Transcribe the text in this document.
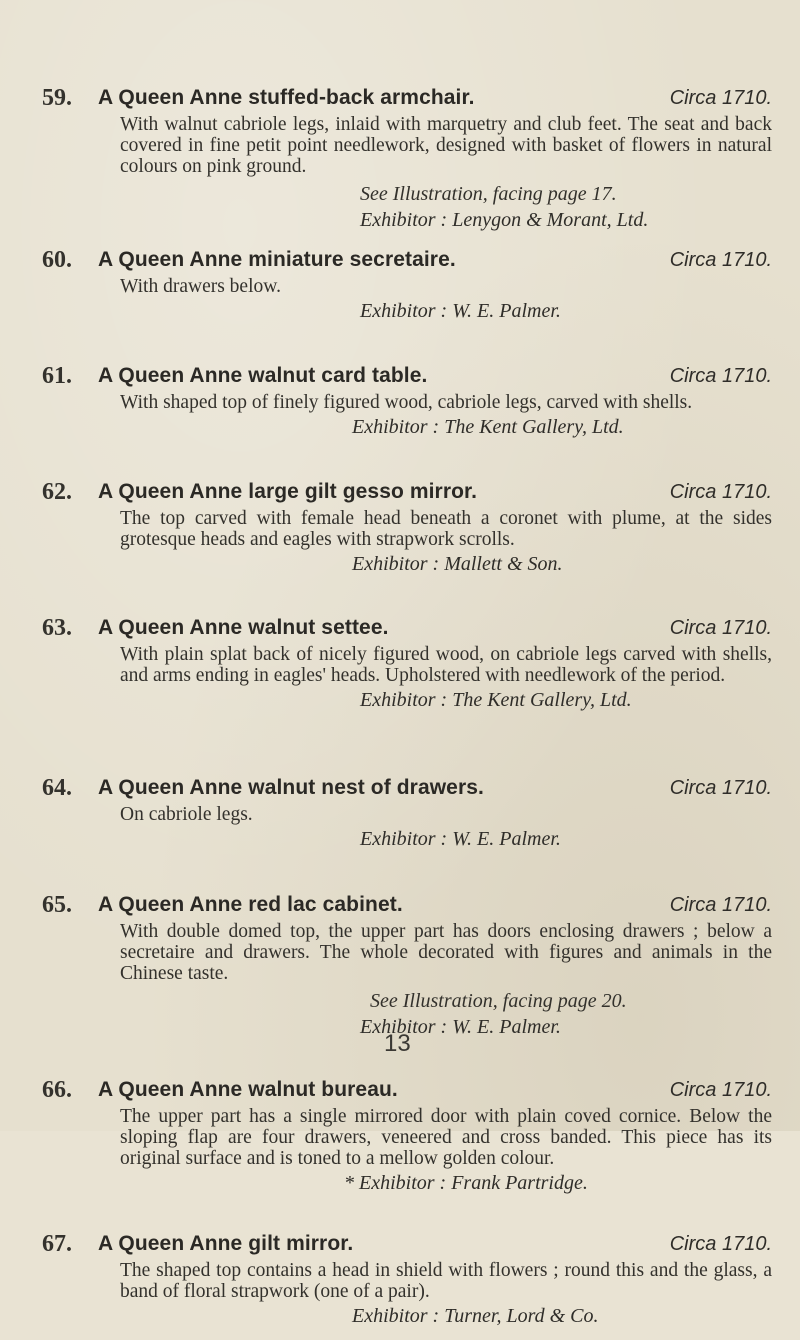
59. A Queen Anne stuffed-back armchair.	Circa 1710.
With walnut cabriole legs, inlaid with marquetry and club feet. The seat and back covered in fine petit point needlework, designed with basket of flowers in natural colours on pink ground.
See Illustration, facing page 17.
Exhibitor : Lenygon & Morant, Ltd.
60. A Queen Anne miniature secretaire.	Circa 1710.
With drawers below.
Exhibitor : W. E. Palmer.
61. A Queen Anne walnut card table.	Circa 1710.
With shaped top of finely figured wood, cabriole legs, carved with shells.
Exhibitor : The Kent Gallery, Ltd.
62. A Queen Anne large gilt gesso mirror.	Circa 1710.
The top carved with female head beneath a coronet with plume, at the sides grotesque heads and eagles with strapwork scrolls.
Exhibitor : Mallett & Son.
63. A Queen Anne walnut settee.	Circa 1710.
With plain splat back of nicely figured wood, on cabriole legs carved with shells, and arms ending in eagles' heads. Upholstered with needlework of the period.
Exhibitor : The Kent Gallery, Ltd.
64. A Queen Anne walnut nest of drawers.	Circa 1710.
On cabriole legs.
Exhibitor : W. E. Palmer.
65. A Queen Anne red lac cabinet.	Circa 1710.
With double domed top, the upper part has doors enclosing drawers ; below a secretaire and drawers. The whole decorated with figures and animals in the Chinese taste.
See Illustration, facing page 20.
Exhibitor : W. E. Palmer.
66. A Queen Anne walnut bureau.	Circa 1710.
The upper part has a single mirrored door with plain coved cornice. Below the sloping flap are four drawers, veneered and cross banded. This piece has its original surface and is toned to a mellow golden colour.
* Exhibitor : Frank Partridge.
67. A Queen Anne gilt mirror.	Circa 1710.
The shaped top contains a head in shield with flowers ; round this and the glass, a band of floral strapwork (one of a pair).
Exhibitor : Turner, Lord & Co.
13
